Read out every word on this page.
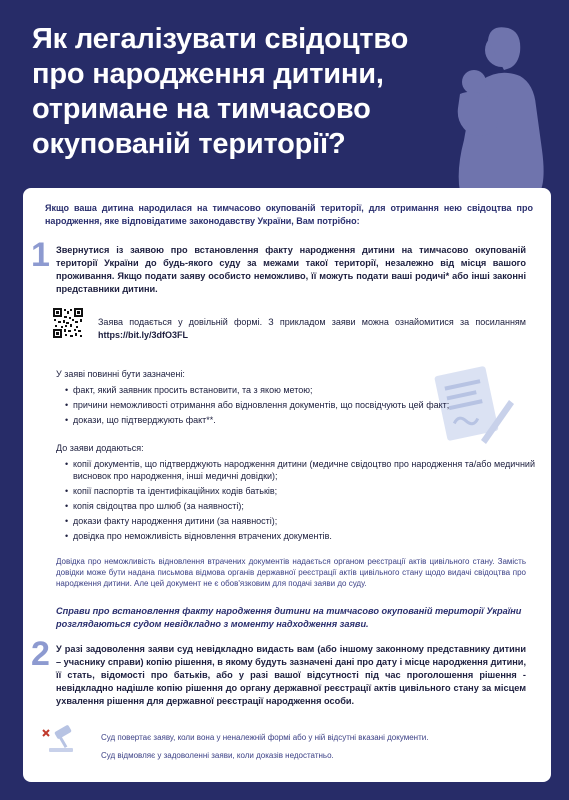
Як легалізувати свідоцтво про народження дитини, отримане на тимчасово окупованій території?

Якщо ваша дитина народилася на тимчасово окупованій території, для отримання нею свідоцтва про народження, яке відповідатиме законодавству України, Вам потрібно:

1 Звернутися із заявою про встановлення факту народження дитини на тимчасово окупованій території України до будь-якого суду за межами такої території, незалежно від місця вашого проживання. Якщо подати заяву особисто неможливо, її можуть подати ваші родичі* або інші законні представники дитини.

Заява подається у довільній формі. З прикладом заяви можна ознайомитися за посиланням https://bit.ly/3dfO3FL

У заяві повинні бути зазначені:

• факт, який заявник просить встановити, та з якою метою;
• причини неможливості отримання або відновлення документів, що посвідчують цей факт;
• докази, що підтверджують факт**.

До заяви додаються:

• копії документів, що підтверджують народження дитини (медичне свідоцтво про народження та/або медичний висновок про народження, інші медичні довідки);
• копії паспортів та ідентифікаційних кодів батьків;
• копія свідоцтва про шлюб (за наявності);
• докази факту народження дитини (за наявності);
• довідка про неможливість відновлення втрачених документів.

Довідка про неможливість відновлення втрачених документів надається органом реєстрації актів цивільного стану. Замість довідки може бути надана письмова відмова органів державної реєстрації актів цивільного стану щодо видачі свідоцтва про народження дитини. Але цей документ не є обов'язковим для подачі заяви до суду.

Справи про встановлення факту народження дитини на тимчасово окупованій території України розглядаються судом невідкладно з моменту надходження заяви.

2 У разі задоволення заяви суд невідкладно видасть вам (або іншому законному представнику дитини – учаснику справи) копію рішення, в якому будуть зазначені дані про дату і місце народження дитини, її стать, відомості про батьків, або у разі вашої відсутності під час проголошення рішення - невідкладно надішле копію рішення до органу державної реєстрації актів цивільного стану за місцем ухвалення рішення для державної реєстрації народження особи.

Суд повертає заяву, коли вона у неналежній формі або у ній відсутні вказані документи.

Суд відмовляє у задоволенні заяви, коли доказів недостатньо.
